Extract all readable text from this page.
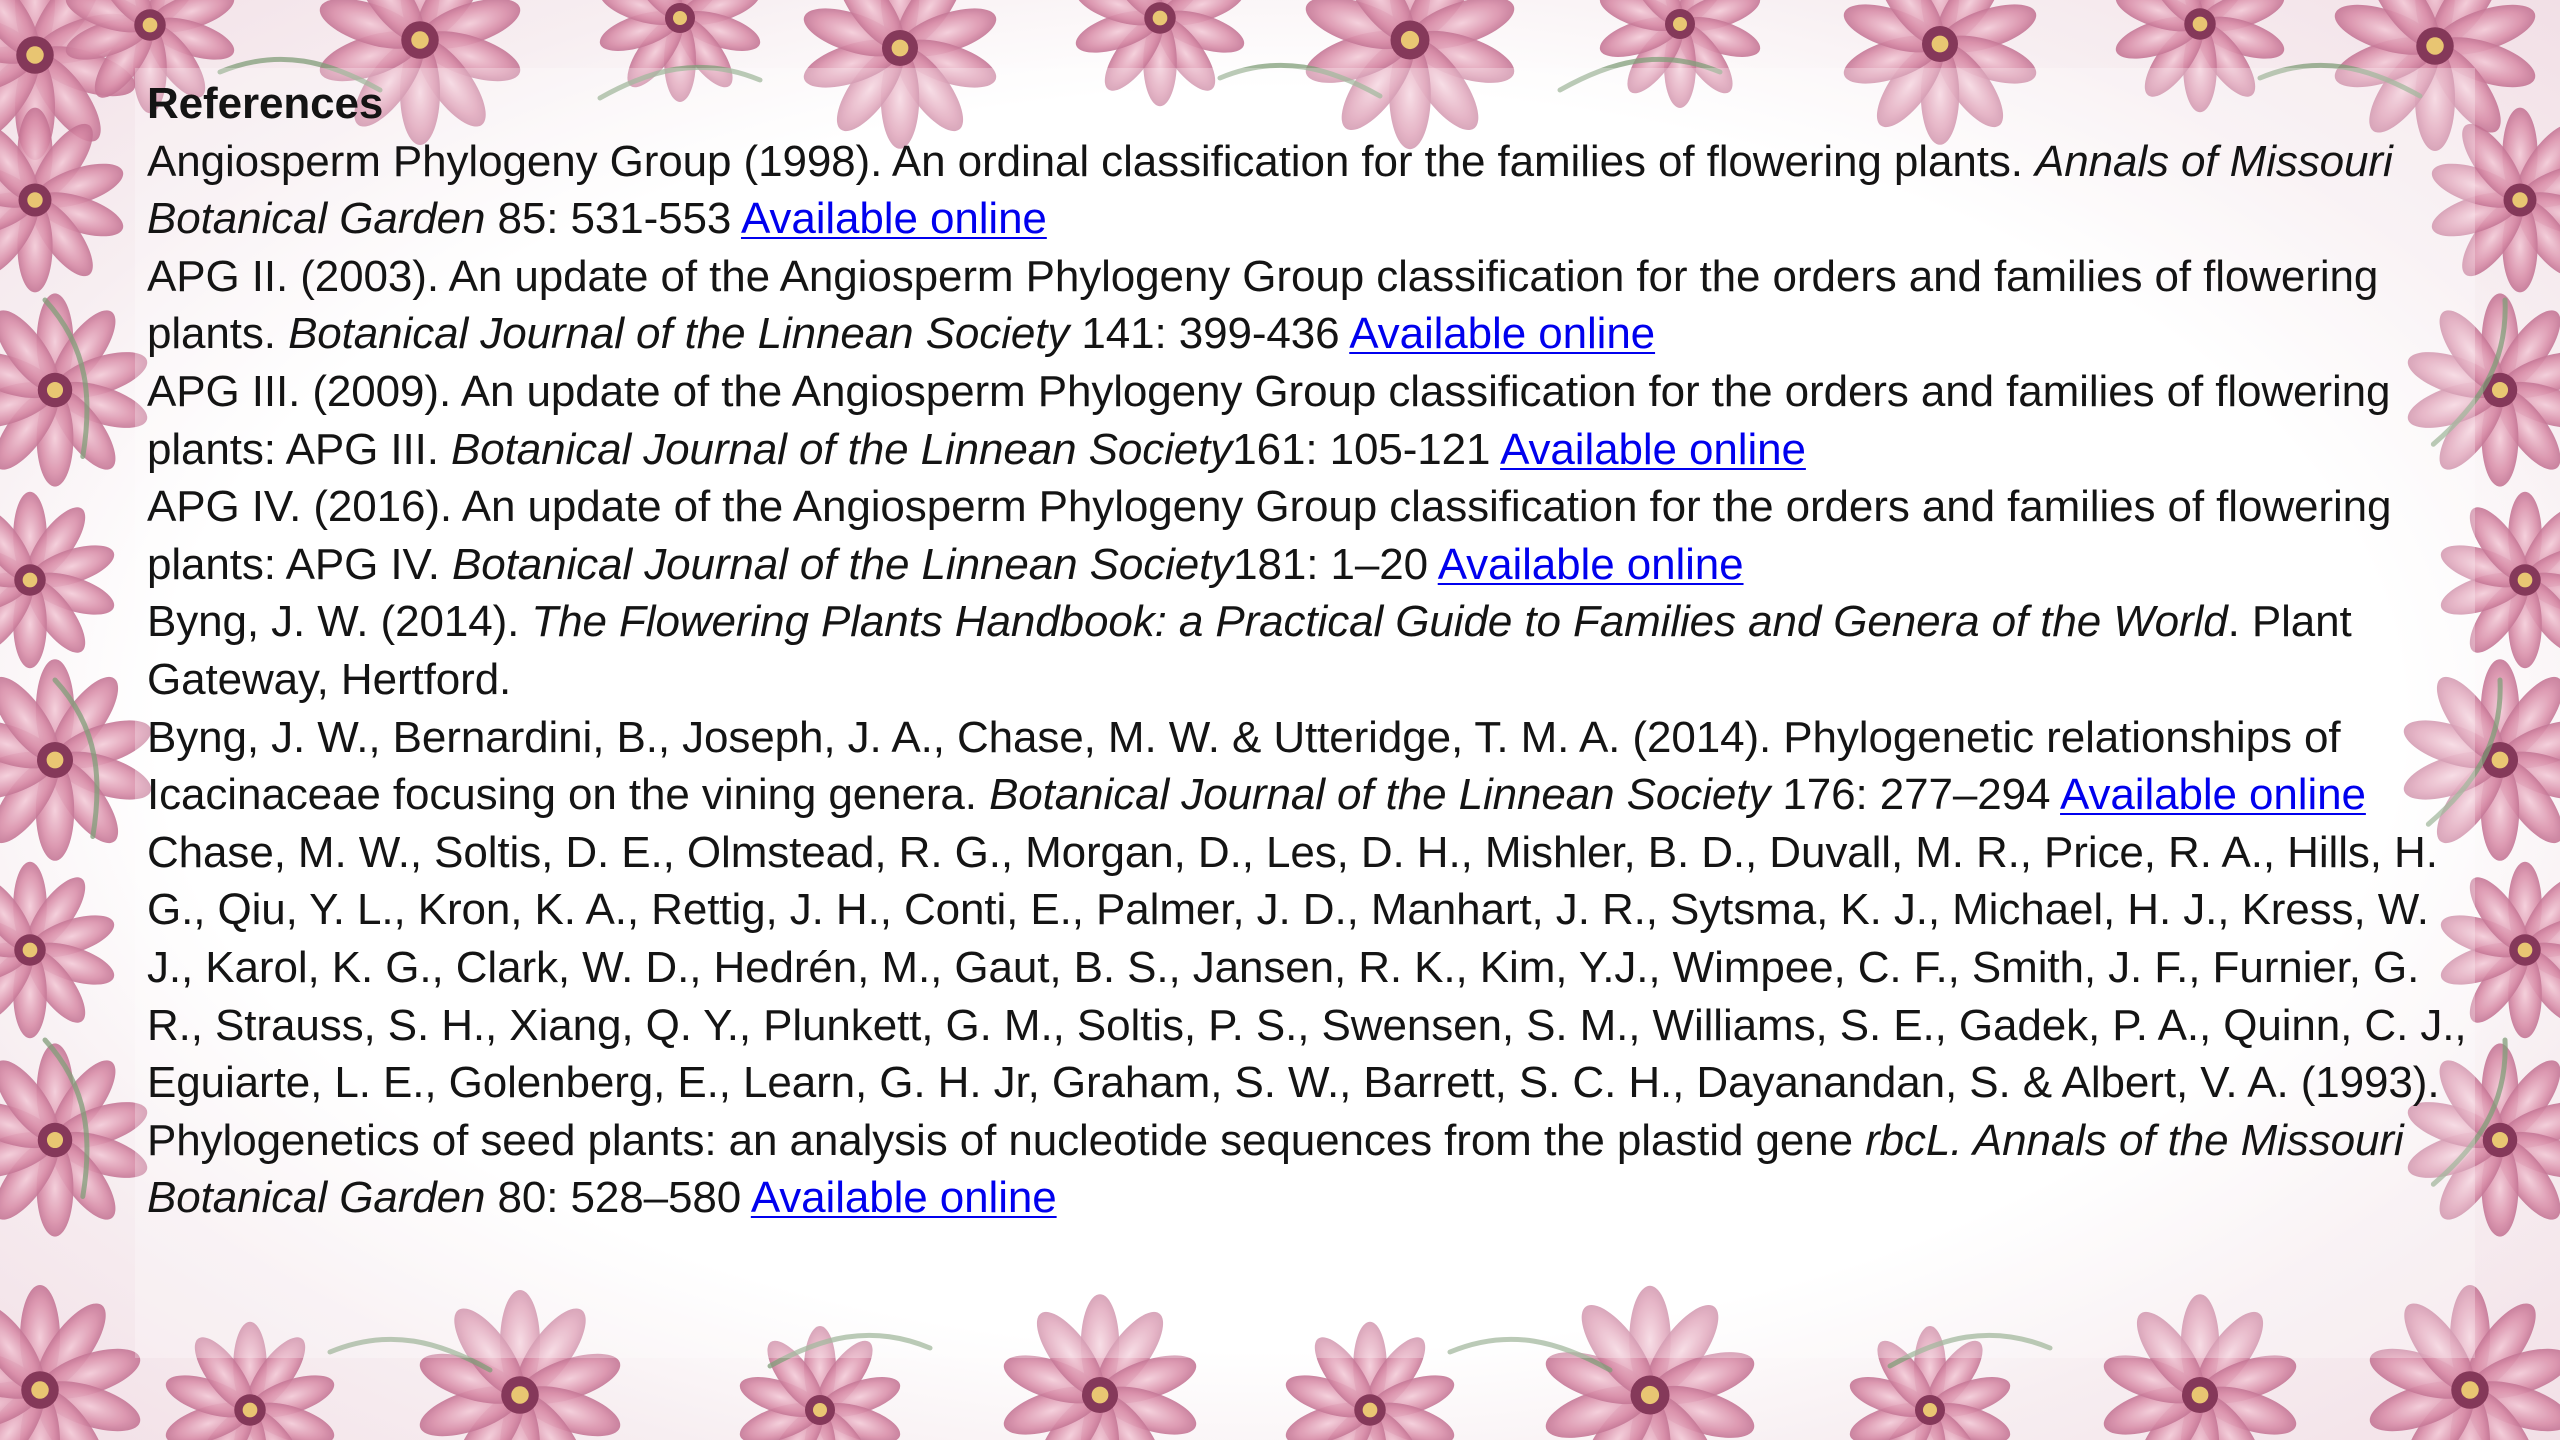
References

Angiosperm Phylogeny Group (1998). An ordinal classification for the families of flowering plants. Annals of Missouri Botanical Garden 85: 531-553 Available online

APG II. (2003). An update of the Angiosperm Phylogeny Group classification for the orders and families of flowering plants. Botanical Journal of the Linnean Society 141: 399-436 Available online

APG III. (2009). An update of the Angiosperm Phylogeny Group classification for the orders and families of flowering plants: APG III. Botanical Journal of the Linnean Society161: 105-121 Available online

APG IV. (2016). An update of the Angiosperm Phylogeny Group classification for the orders and families of flowering plants: APG IV. Botanical Journal of the Linnean Society181: 1–20 Available online

Byng, J. W. (2014). The Flowering Plants Handbook: a Practical Guide to Families and Genera of the World. Plant Gateway, Hertford.

Byng, J. W., Bernardini, B., Joseph, J. A., Chase, M. W. & Utteridge, T. M. A. (2014). Phylogenetic relationships of Icacinaceae focusing on the vining genera. Botanical Journal of the Linnean Society 176: 277–294 Available online

Chase, M. W., Soltis, D. E., Olmstead, R. G., Morgan, D., Les, D. H., Mishler, B. D., Duvall, M. R., Price, R. A., Hills, H. G., Qiu, Y. L., Kron, K. A., Rettig, J. H., Conti, E., Palmer, J. D., Manhart, J. R., Sytsma, K. J., Michael, H. J., Kress, W. J., Karol, K. G., Clark, W. D., Hedrén, M., Gaut, B. S., Jansen, R. K., Kim, Y.J., Wimpee, C. F., Smith, J. F., Furnier, G. R., Strauss, S. H., Xiang, Q. Y., Plunkett, G. M., Soltis, P. S., Swensen, S. M., Williams, S. E., Gadek, P. A., Quinn, C. J., Eguiarte, L. E., Golenberg, E., Learn, G. H. Jr, Graham, S. W., Barrett, S. C. H., Dayanandan, S. & Albert, V. A. (1993). Phylogenetics of seed plants: an analysis of nucleotide sequences from the plastid gene rbcL. Annals of the Missouri Botanical Garden 80: 528–580 Available online
